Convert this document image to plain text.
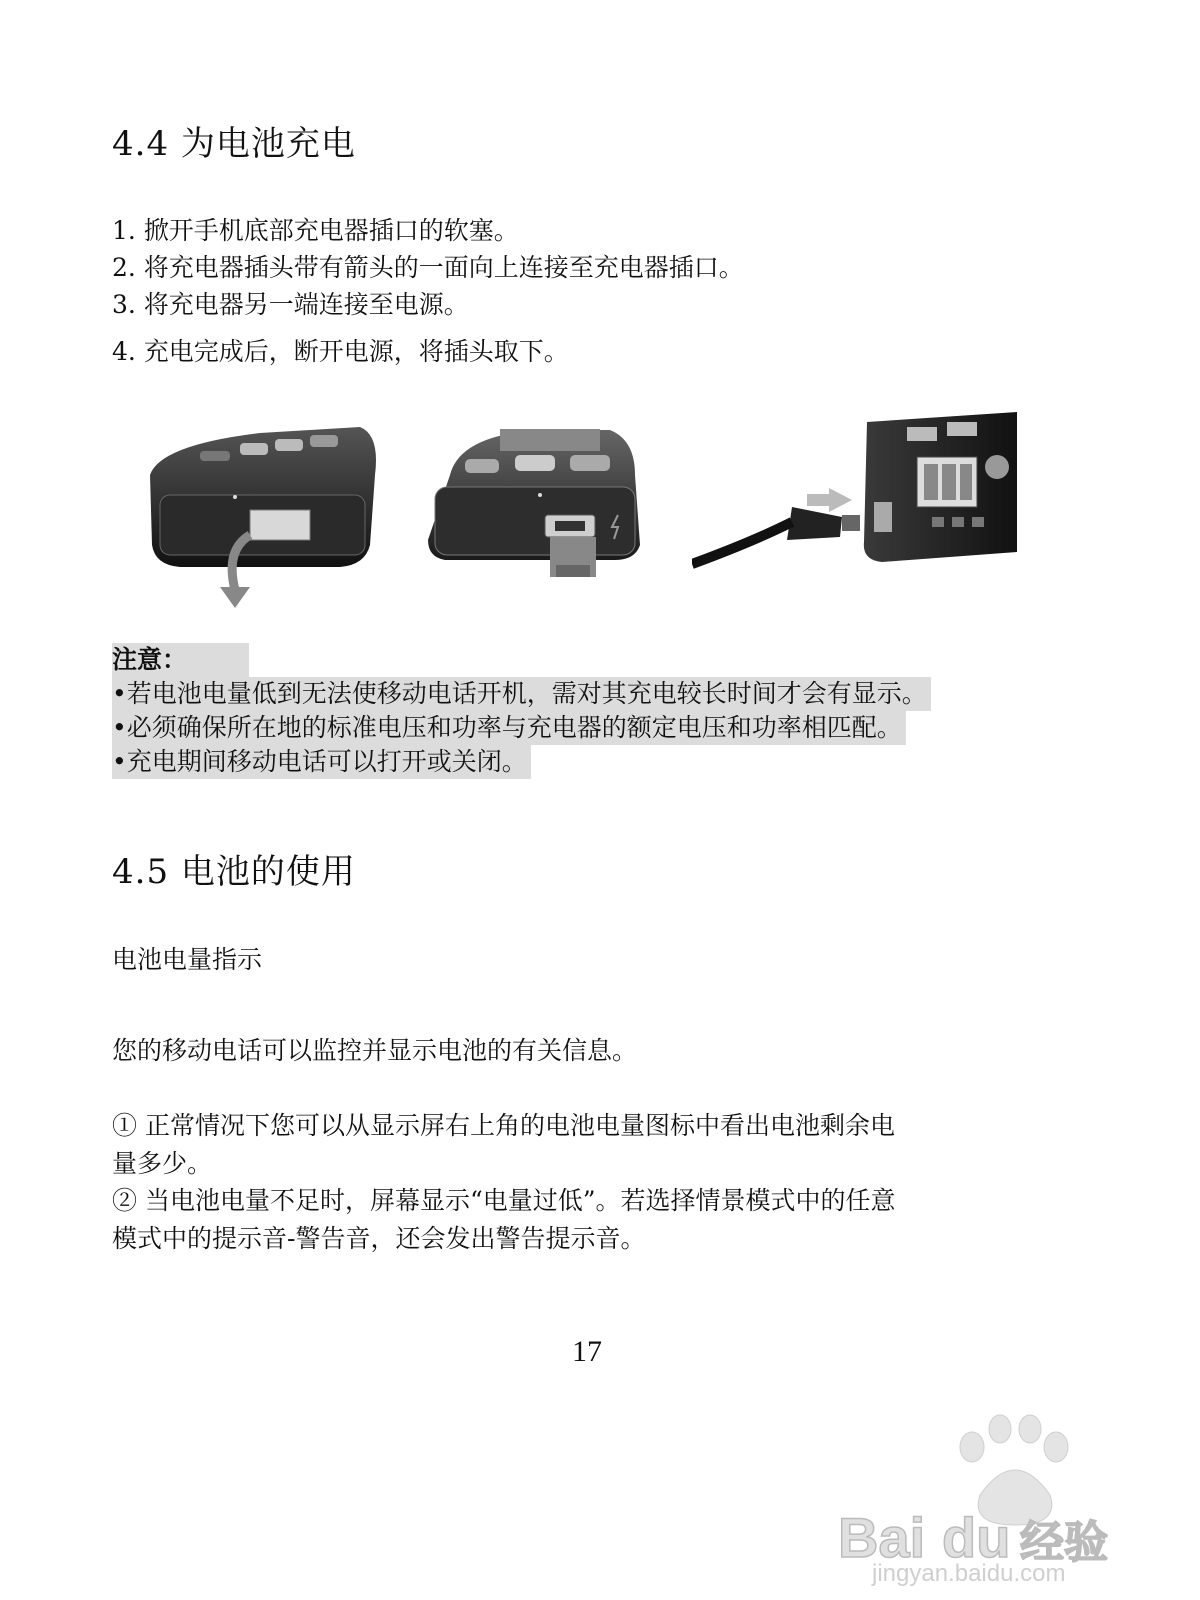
4.4 为电池充电
1. 掀开手机底部充电器插口的软塞。
2. 将充电器插头带有箭头的一面向上连接至充电器插口。
3. 将充电器另一端连接至电源。
4. 充电完成后，断开电源，将插头取下。
注意：
•若电池电量低到无法使移动电话开机，需对其充电较长时间才会有显示。
•必须确保所在地的标准电压和功率与充电器的额定电压和功率相匹配。
•充电期间移动电话可以打开或关闭。
4.5 电池的使用
电池电量指示
您的移动电话可以监控并显示电池的有关信息。
① 正常情况下您可以从显示屏右上角的电池电量图标中看出电池剩余电
量多少。
② 当电池电量不足时，屏幕显示“电量过低”。若选择情景模式中的任意
模式中的提示音-警告音，还会发出警告提示音。
17
Bai du 经验
jingyan.baidu.com
